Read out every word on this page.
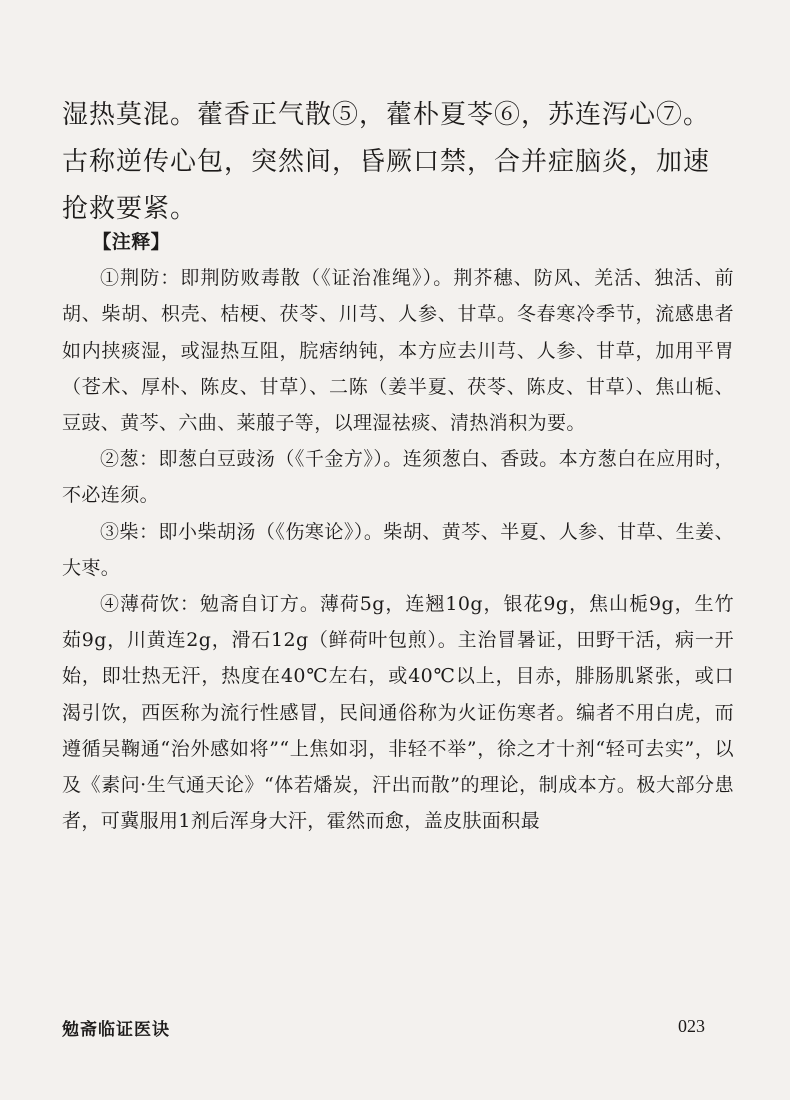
湿热莫混。藿香正气散⑤，藿朴夏苓⑥，苏连泻心⑦。古称逆传心包，突然间，昏厥口禁，合并症脑炎，加速抢救要紧。

【注释】

①荆防：即荆防败毒散（《证治准绳》）。荆芥穗、防风、羌活、独活、前胡、柴胡、枳壳、桔梗、茯苓、川芎、人参、甘草。冬春寒冷季节，流感患者如内挟痰湿，或湿热互阻，脘痞纳钝，本方应去川芎、人参、甘草，加用平胃（苍术、厚朴、陈皮、甘草）、二陈（姜半夏、茯苓、陈皮、甘草）、焦山栀、豆豉、黄芩、六曲、莱菔子等，以理湿祛痰、清热消积为要。

②葱：即葱白豆豉汤（《千金方》）。连须葱白、香豉。本方葱白在应用时，不必连须。

③柴：即小柴胡汤（《伤寒论》）。柴胡、黄芩、半夏、人参、甘草、生姜、大枣。

④薄荷饮：勉斋自订方。薄荷5g，连翘10g，银花9g，焦山栀9g，生竹茹9g，川黄连2g，滑石12g（鲜荷叶包煎）。主治冒暑证，田野干活，病一开始，即壮热无汗，热度在40℃左右，或40℃以上，目赤，腓肠肌紧张，或口渴引饮，西医称为流行性感冒，民间通俗称为火证伤寒者。编者不用白虎，而遵循吴鞠通“治外感如将”“上焦如羽，非轻不举”，徐之才十剂“轻可去实”，以及《素问·生气通天论》“体若燔炭，汗出而散”的理论，制成本方。极大部分患者，可冀服用1剂后浑身大汗，霍然而愈，盖皮肤面积最

勉斋临证医诀	023
